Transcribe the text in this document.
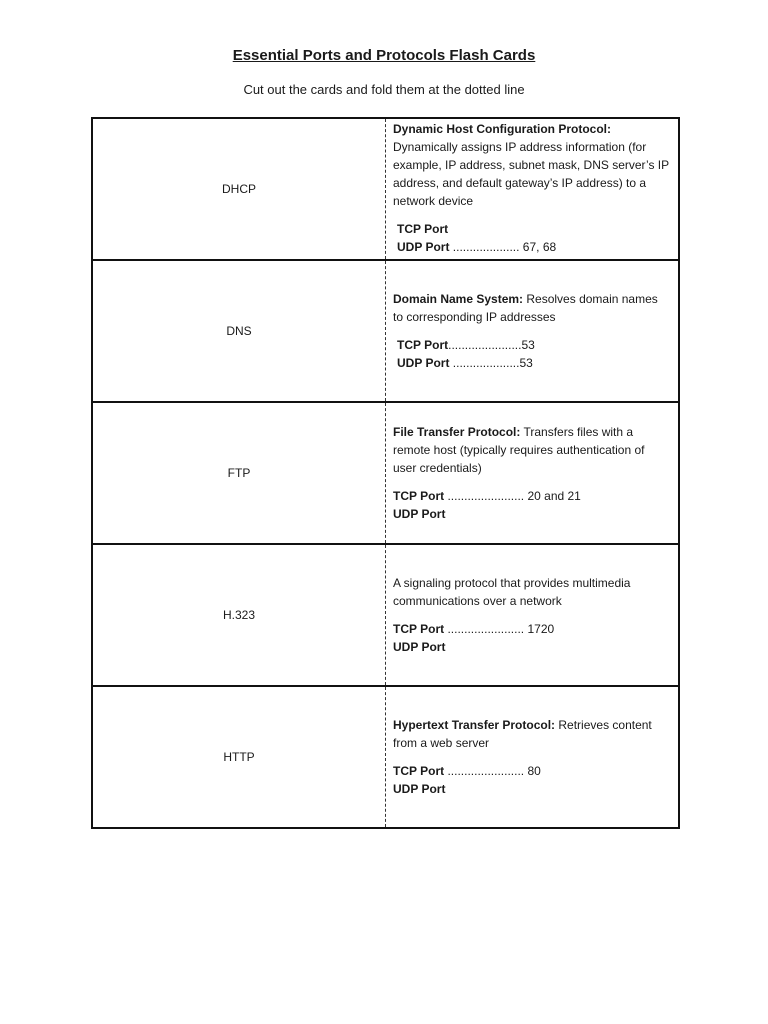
Essential Ports and Protocols Flash Cards
Cut out the cards and fold them at the dotted line
DHCP
Dynamic Host Configuration Protocol:
Dynamically assigns IP address information (for example, IP address, subnet mask, DNS server’s IP address, and default gateway’s IP address) to a network device
TCP Port
UDP Port .................... 67, 68
DNS
Domain Name System: Resolves domain names to corresponding IP addresses
TCP Port......................53
UDP Port ....................53
FTP
File Transfer Protocol: Transfers files with a remote host (typically requires authentication of user credentials)
TCP Port ....................... 20 and 21
UDP Port
H.323
A signaling protocol that provides multimedia communications over a network
TCP Port ....................... 1720
UDP Port
HTTP
Hypertext Transfer Protocol: Retrieves content from a web server
TCP Port ....................... 80
UDP Port
